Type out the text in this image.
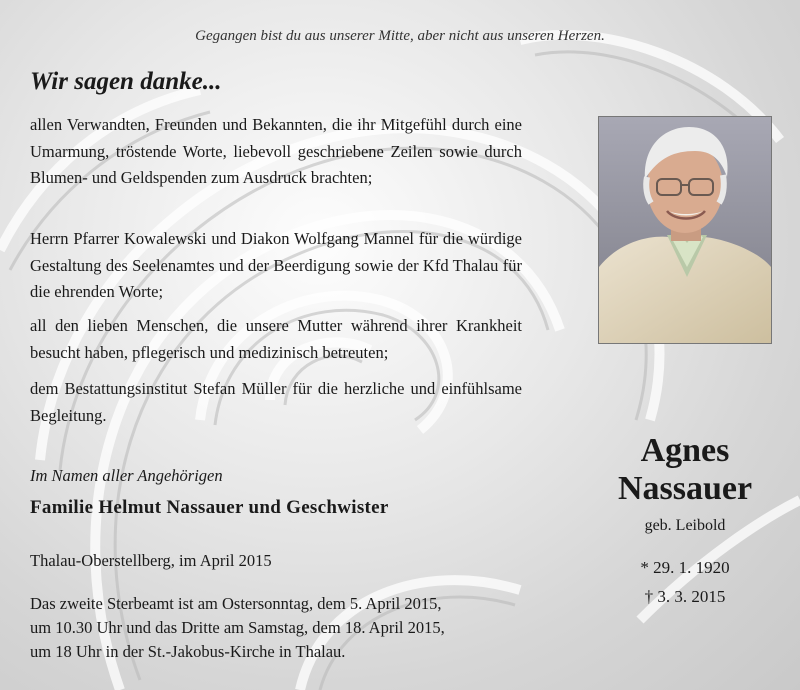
Gegangen bist du aus unserer Mitte, aber nicht aus unseren Herzen.
Wir sagen danke...
allen Verwandten, Freunden und Bekannten, die ihr Mitgefühl durch eine Umarmung, tröstende Worte, liebevoll geschriebene Zeilen sowie durch Blumen- und Geldspenden zum Ausdruck brachten;
Herrn Pfarrer Kowalewski und Diakon Wolfgang Mannel für die würdige Gestaltung des Seelenamtes und der Beerdigung sowie der Kfd Thalau für die ehrenden Worte;
all den lieben Menschen, die unsere Mutter während ihrer Krankheit besucht haben, pflegerisch und medizinisch betreuten;
dem Bestattungsinstitut Stefan Müller für die herzliche und einfühlsame Begleitung.
Im Namen aller Angehörigen
Familie Helmut Nassauer und Geschwister
Thalau-Oberstellberg, im April 2015
Das zweite Sterbeamt ist am Ostersonntag, dem 5. April 2015,
um 10.30 Uhr und das Dritte am Samstag, dem 18. April 2015,
um 18 Uhr in der St.-Jakobus-Kirche in Thalau.
Agnes
Nassauer
geb. Leibold
* 29. 1. 1920
† 3. 3. 2015
